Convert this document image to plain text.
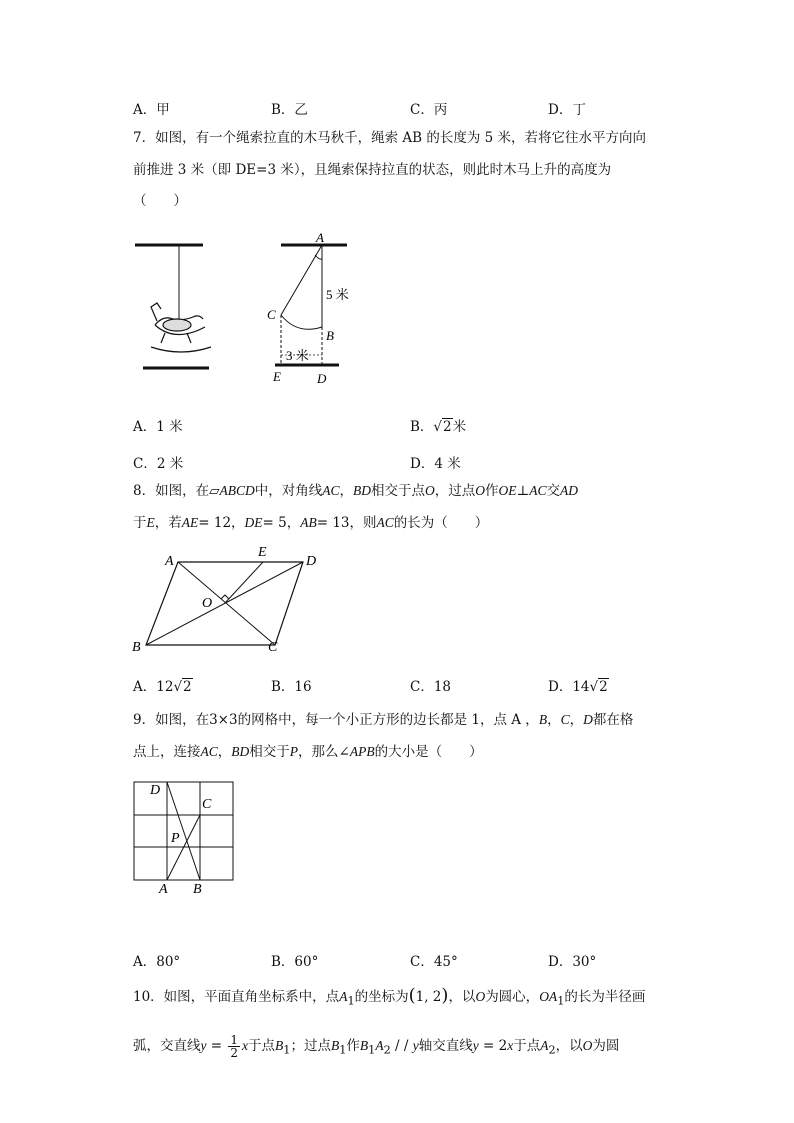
A．甲	B．乙	C．丙	D．丁
7．如图，有一个绳索拉直的木马秋千，绳索 AB 的长度为 5 米，若将它往水平方向向
前推进 3 米（即 DE=3 米），且绳索保持拉直的状态，则此时木马上升的高度为
（　　）
A
5 米
C
B
3 米
E	D
A．1 米	B．√2米
C．2 米	D．4 米
8．如图，在▱ABCD中，对角线AC，BD相交于点O，过点O作OE⊥AC交AD
于E，若AE= 12，DE= 5，AB= 13，则AC的长为（　　）
A
E
D
O
B	C
A．12√2	B．16	C．18	D．14√2
9．如图，在3×3的网格中，每一个小正方形的边长都是 1，点 A ，B，C，D都在格
点上，连接AC，BD相交于P，那么∠APB的大小是（　　）
D
C
P
A B
A．80°	B．60°	C．45°	D．30°
10．如图，平面直角坐标系中，点$A_1$的坐标为(1, 2)，以O为圆心，$OA_1$的长为半径画
弧，交直线$y = \frac{1}{2}$ x于点$B_1$；过点$B_1$作$B_1A_2$ / / y轴交直线y = 2x于点$A_2$，以O为圆
